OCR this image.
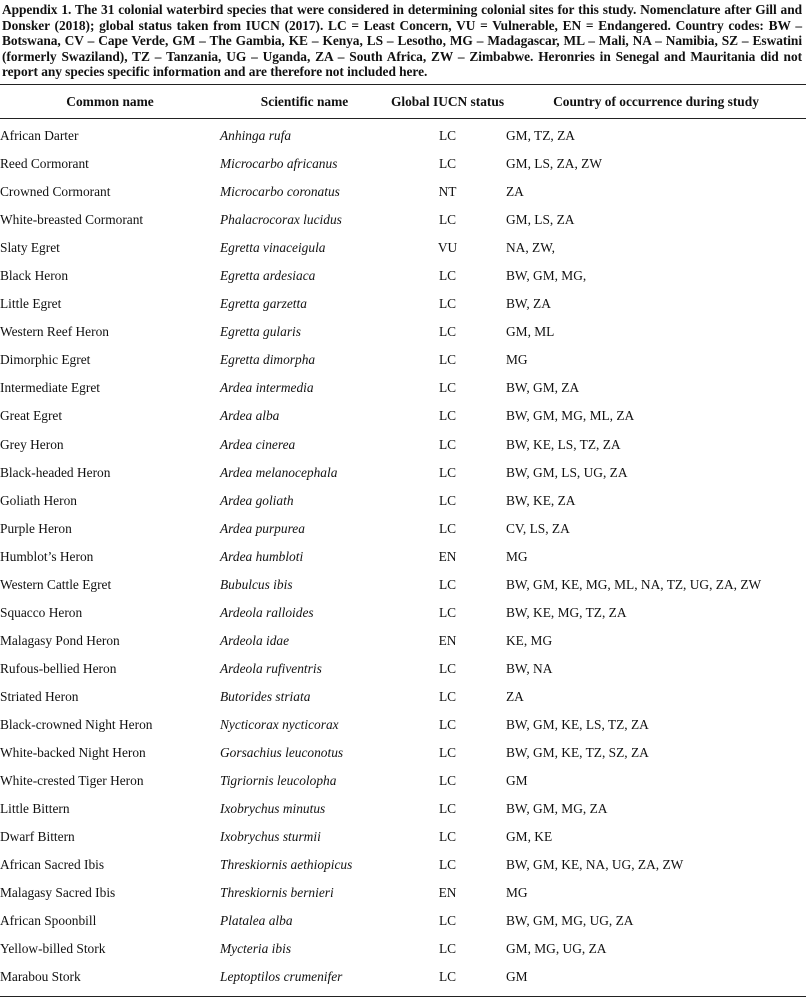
Appendix 1. The 31 colonial waterbird species that were considered in determining colonial sites for this study. Nomenclature after Gill and Donsker (2018); global status taken from IUCN (2017). LC = Least Concern, VU = Vulnerable, EN = Endangered. Country codes: BW – Botswana, CV – Cape Verde, GM – The Gambia, KE – Kenya, LS – Lesotho, MG – Madagascar, ML – Mali, NA – Namibia, SZ – Eswatini (formerly Swaziland), TZ – Tanzania, UG – Uganda, ZA – South Africa, ZW – Zimbabwe. Heronries in Senegal and Mauritania did not report any species specific information and are therefore not included here.

Common name	Scientific name	Global IUCN status	Country of occurrence during study
African Darter	Anhinga rufa	LC	GM, TZ, ZA
Reed Cormorant	Microcarbo africanus	LC	GM, LS, ZA, ZW
Crowned Cormorant	Microcarbo coronatus	NT	ZA
White-breasted Cormorant	Phalacrocorax lucidus	LC	GM, LS, ZA
Slaty Egret	Egretta vinaceigula	VU	NA, ZW,
Black Heron	Egretta ardesiaca	LC	BW, GM, MG,
Little Egret	Egretta garzetta	LC	BW, ZA
Western Reef Heron	Egretta gularis	LC	GM, ML
Dimorphic Egret	Egretta dimorpha	LC	MG
Intermediate Egret	Ardea intermedia	LC	BW, GM, ZA
Great Egret	Ardea alba	LC	BW, GM, MG, ML, ZA
Grey Heron	Ardea cinerea	LC	BW, KE, LS, TZ, ZA
Black-headed Heron	Ardea melanocephala	LC	BW, GM, LS, UG, ZA
Goliath Heron	Ardea goliath	LC	BW, KE, ZA
Purple Heron	Ardea purpurea	LC	CV, LS, ZA
Humblot’s Heron	Ardea humbloti	EN	MG
Western Cattle Egret	Bubulcus ibis	LC	BW, GM, KE, MG, ML, NA, TZ, UG, ZA, ZW
Squacco Heron	Ardeola ralloides	LC	BW, KE, MG, TZ, ZA
Malagasy Pond Heron	Ardeola idae	EN	KE, MG
Rufous-bellied Heron	Ardeola rufiventris	LC	BW, NA
Striated Heron	Butorides striata	LC	ZA
Black-crowned Night Heron	Nycticorax nycticorax	LC	BW, GM, KE, LS, TZ, ZA
White-backed Night Heron	Gorsachius leuconotus	LC	BW, GM, KE, TZ, SZ, ZA
White-crested Tiger Heron	Tigriornis leucolopha	LC	GM
Little Bittern	Ixobrychus minutus	LC	BW, GM, MG, ZA
Dwarf Bittern	Ixobrychus sturmii	LC	GM, KE
African Sacred Ibis	Threskiornis aethiopicus	LC	BW, GM, KE, NA, UG, ZA, ZW
Malagasy Sacred Ibis	Threskiornis bernieri	EN	MG
African Spoonbill	Platalea alba	LC	BW, GM, MG, UG, ZA
Yellow-billed Stork	Mycteria ibis	LC	GM, MG, UG, ZA
Marabou Stork	Leptoptilos crumenifer	LC	GM
